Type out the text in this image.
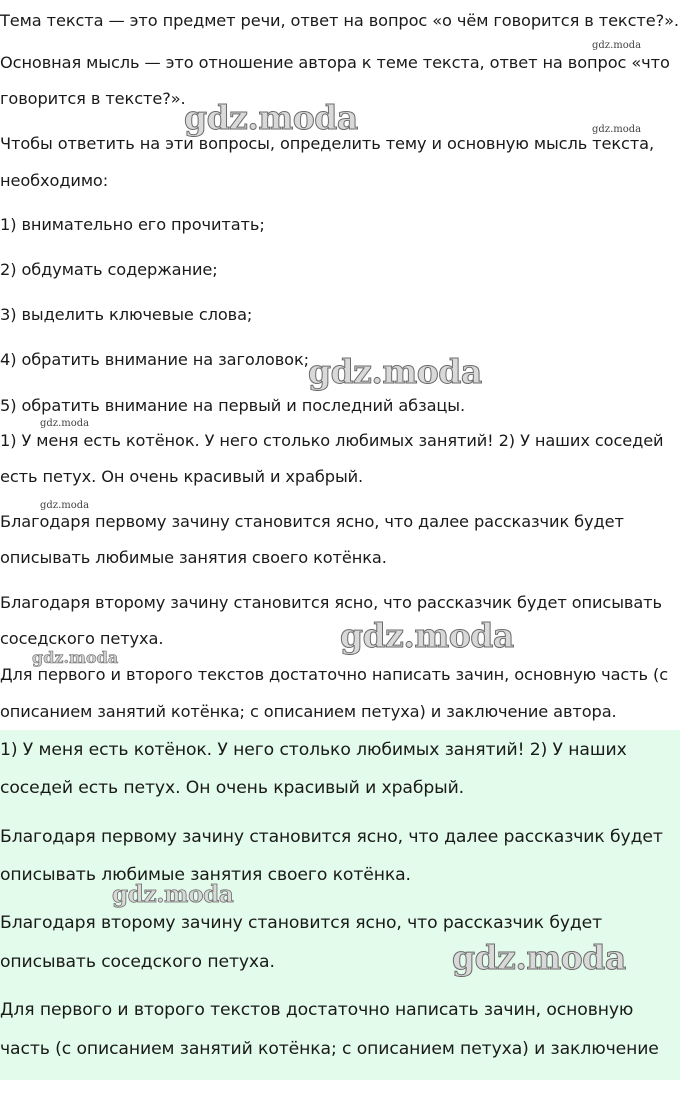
Тема текста — это предмет речи, ответ на вопрос «о чём говорится в тексте?».
Основная мысль — это отношение автора к теме текста, ответ на вопрос «что
говорится в тексте?».
Чтобы ответить на эти вопросы, определить тему и основную мысль текста,
необходимо:
1) внимательно его прочитать;
2) обдумать содержание;
3) выделить ключевые слова;
4) обратить внимание на заголовок;
5) обратить внимание на первый и последний абзацы.
1) У меня есть котёнок. У него столько любимых занятий! 2) У наших соседей
есть петух. Он очень красивый и храбрый.
Благодаря первому зачину становится ясно, что далее рассказчик будет
описывать любимые занятия своего котёнка.
Благодаря второму зачину становится ясно, что рассказчик будет описывать
соседского петуха.
Для первого и второго текстов достаточно написать зачин, основную часть (с
описанием занятий котёнка; с описанием петуха) и заключение автора.
1) У меня есть котёнок. У него столько любимых занятий! 2) У наших
соседей есть петух. Он очень красивый и храбрый.
Благодаря первому зачину становится ясно, что далее рассказчик будет
описывать любимые занятия своего котёнка.
Благодаря второму зачину становится ясно, что рассказчик будет
описывать соседского петуха.
Для первого и второго текстов достаточно написать зачин, основную
часть (с описанием занятий котёнка; с описанием петуха) и заключение
gdz.moda
gdz.moda	gdz.moda
gdz.moda
gdz.moda
gdz.moda
gdz.moda
gdz.moda
gdz.moda
gdz.moda
